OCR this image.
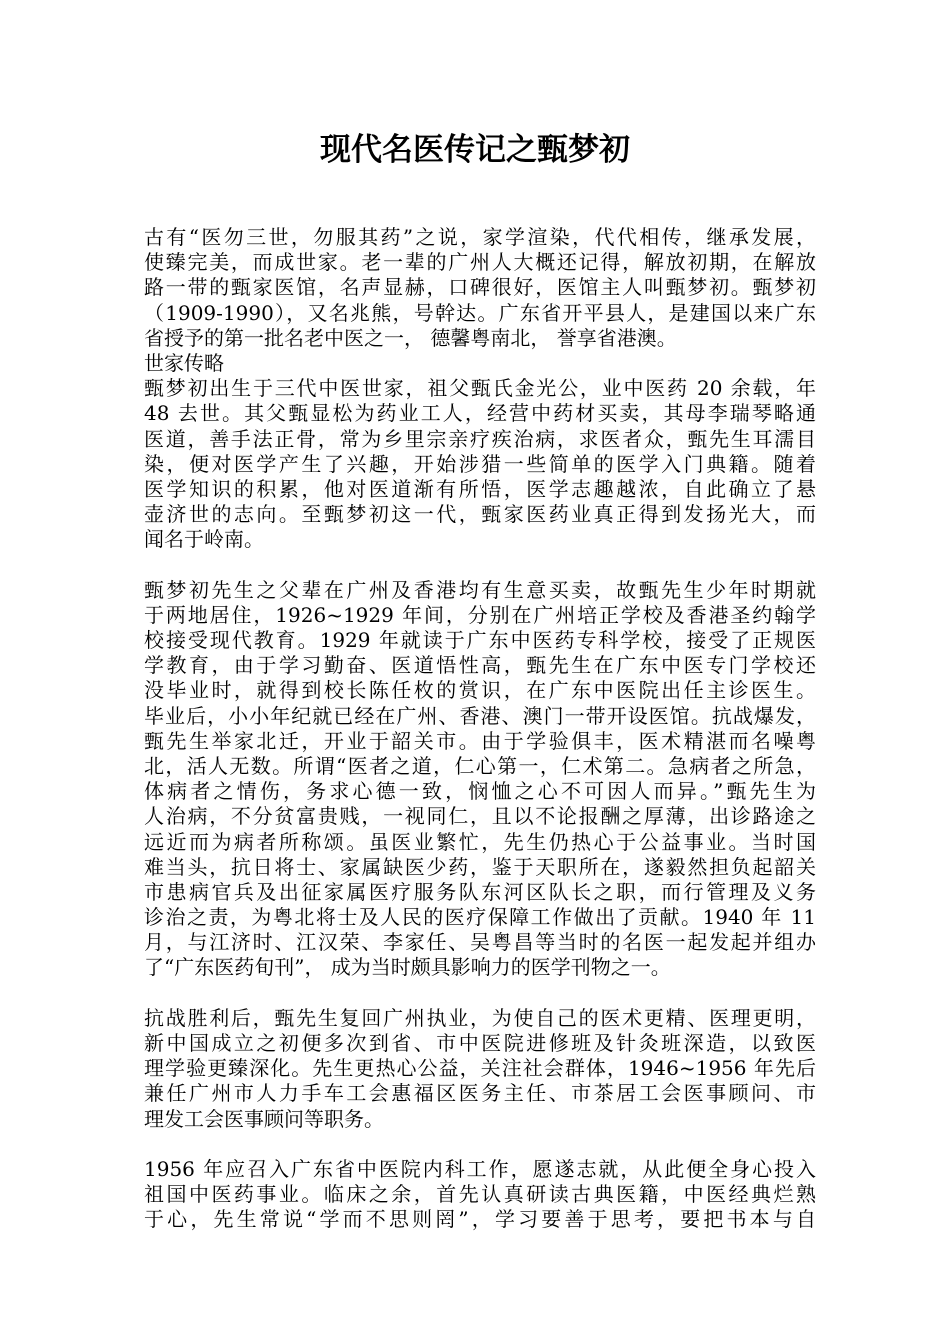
现代名医传记之甄梦初
古有“医勿三世，勿服其药”之说，家学渲染，代代相传，继承发展，
使臻完美，而成世家。老一辈的广州人大概还记得，解放初期，在解放
路一带的甄家医馆，名声显赫，口碑很好，医馆主人叫甄梦初。甄梦初
（1909-1990），又名兆熊，号幹达。广东省开平县人，是建国以来广东
省授予的第一批名老中医之一， 德馨粤南北， 誉享省港澳。
世家传略
甄梦初出生于三代中医世家，祖父甄氏金光公，业中医药 20 余载，年
48 去世。其父甄显松为药业工人，经营中药材买卖，其母李瑞琴略通
医道，善手法正骨，常为乡里宗亲疗疾治病，求医者众，甄先生耳濡目
染，便对医学产生了兴趣，开始涉猎一些简单的医学入门典籍。随着
医学知识的积累，他对医道渐有所悟，医学志趣越浓，自此确立了悬
壶济世的志向。至甄梦初这一代，甄家医药业真正得到发扬光大，而
闻名于岭南。
甄梦初先生之父辈在广州及香港均有生意买卖，故甄先生少年时期就
于两地居住，1926~1929 年间，分别在广州培正学校及香港圣约翰学
校接受现代教育。1929 年就读于广东中医药专科学校，接受了正规医
学教育，由于学习勤奋、医道悟性高，甄先生在广东中医专门学校还
没毕业时，就得到校长陈任枚的赏识，在广东中医院出任主诊医生。
毕业后，小小年纪就已经在广州、香港、澳门一带开设医馆。抗战爆发，
甄先生举家北迁，开业于韶关市。由于学验俱丰，医术精湛而名噪粤
北，活人无数。所谓“医者之道，仁心第一，仁术第二。急病者之所急，
体病者之情伤，务求心德一致，悯恤之心不可因人而异。”甄先生为
人治病，不分贫富贵贱，一视同仁，且以不论报酬之厚薄，出诊路途之
远近而为病者所称颂。虽医业繁忙，先生仍热心于公益事业。当时国
难当头，抗日将士、家属缺医少药，鉴于天职所在，遂毅然担负起韶关
市患病官兵及出征家属医疗服务队东河区队长之职，而行管理及义务
诊治之责，为粤北将士及人民的医疗保障工作做出了贡献。1940 年 11
月，与江济时、江汉荣、李家任、吴粤昌等当时的名医一起发起并组办
了“广东医药旬刊”， 成为当时颇具影响力的医学刊物之一。
抗战胜利后，甄先生复回广州执业，为使自己的医术更精、医理更明，
新中国成立之初便多次到省、市中医院进修班及针灸班深造，以致医
理学验更臻深化。先生更热心公益，关注社会群体，1946~1956 年先后
兼任广州市人力手车工会惠福区医务主任、市茶居工会医事顾问、市
理发工会医事顾问等职务。
1956 年应召入广东省中医院内科工作，愿遂志就，从此便全身心投入
祖国中医药事业。临床之余，首先认真研读古典医籍，中医经典烂熟
于心，先生常说“学而不思则罔”，学习要善于思考，要把书本与自
